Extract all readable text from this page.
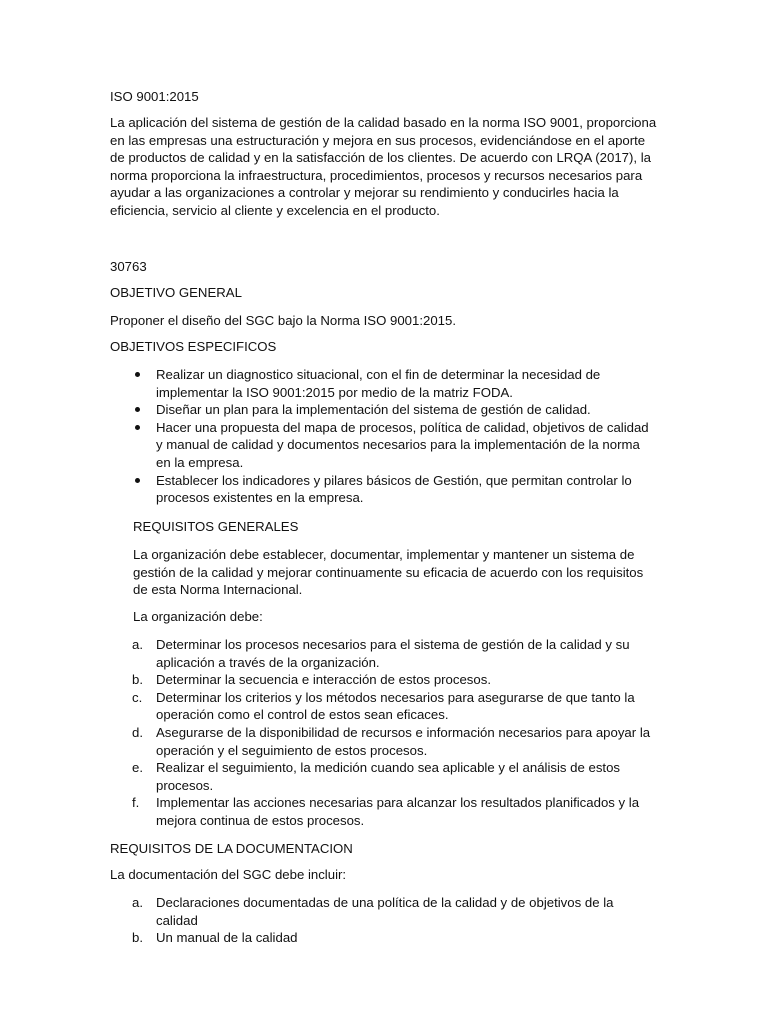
ISO 9001:2015

La aplicación del sistema de gestión de la calidad basado en la norma ISO 9001, proporciona en las empresas una estructuración y mejora en sus procesos, evidenciándose en el aporte de productos de calidad y en la satisfacción de los clientes. De acuerdo con LRQA (2017), la norma proporciona la infraestructura, procedimientos, procesos y recursos necesarios para ayudar a las organizaciones a controlar y mejorar su rendimiento y conducirles hacia la eficiencia, servicio al cliente y excelencia en el producto.

30763

OBJETIVO GENERAL

Proponer el diseño del SGC bajo la Norma ISO 9001:2015.

OBJETIVOS ESPECIFICOS

Realizar un diagnostico situacional, con el fin de determinar la necesidad de implementar la ISO 9001:2015 por medio de la matriz FODA.
Diseñar un plan para la implementación del sistema de gestión de calidad.
Hacer una propuesta del mapa de procesos, política de calidad, objetivos de calidad y manual de calidad y documentos necesarios para la implementación de la norma en la empresa.
Establecer los indicadores y pilares básicos de Gestión, que permitan controlar lo procesos existentes en la empresa.

REQUISITOS GENERALES

La organización debe establecer, documentar, implementar y mantener un sistema de gestión de la calidad y mejorar continuamente su eficacia de acuerdo con los requisitos de esta Norma Internacional.

La organización debe:

a. Determinar los procesos necesarios para el sistema de gestión de la calidad y su aplicación a través de la organización.
b. Determinar la secuencia e interacción de estos procesos.
c.	Determinar los criterios y los métodos necesarios para asegurarse de que tanto la operación como el control de estos sean eficaces.
d. Asegurarse de la disponibilidad de recursos e información necesarios para apoyar la operación y el seguimiento de estos procesos.
e. Realizar el seguimiento, la medición cuando sea aplicable y el análisis de estos procesos.
f.	Implementar las acciones necesarias para alcanzar los resultados planificados y la mejora continua de estos procesos.

REQUISITOS DE LA DOCUMENTACION

La documentación del SGC debe incluir:

a. Declaraciones documentadas de una política de la calidad y de objetivos de la calidad
b. Un manual de la calidad
